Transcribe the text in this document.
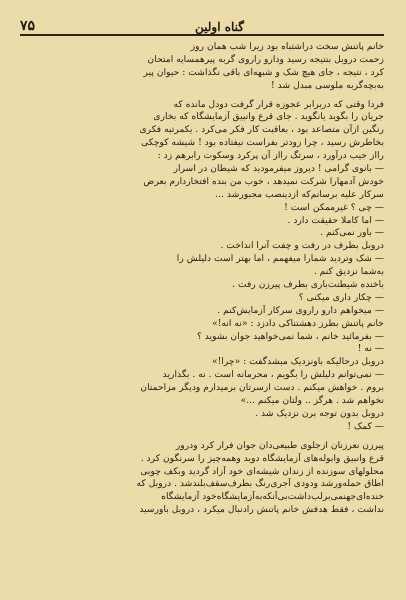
۷۵	گناه اولین
خانم پاتنش سخت دراشتباه بود زیرا شب همان روز
زحمت دروبل بنتیجه رسید ودارو راروی گربه پیرهمسایه امتحان
کرد ، نتیجه ، جای هیچ شک و شبهه‌ای باقی نگذاشت : حیوان پیر
به‌بچه‌گربه ملوسی مبدل شد !
فردا وقتی که دربرابر عجوزه قرار گرفت دودل مانده که
جریان را بگوید یانگوید . جای قرع وانبیق آزمایشگاه که بخاری
رنگین ازآن متصاعد بود ، بعاقبت کار فکر می‌کرد . یکمرتبه فکری
بخاطرش رسید ، چرا زودتر بفراست نیفتاده بود ! شیشه کوچکی
رااز جیب درآورد ، سرتگ رااز آن پرکرد وسکوت رابرهم زد :
— بانوی گرامی ! دیروز میفرمودید که شیطان در اسرار
خودش آدمهارا شرکت نمیدهد ، خوب من بنده افتخاردارم بعرض
سرکار علیه برسانم‌که ازدینصب مجبورشد ...
— چی ؟ غیرممکن است !
— اما کاملا حقیقت دارد .
— باور نمی‌کنم .
دروبل بطرف در رفت و چفت آنرا انداخت .
— شک وتردید شمارا میفهمم ، اما بهتر است دلیلش را
به‌شما نزدیق کنم .
باخنده شیطنت‌باری بطرف پیرزن رفت .
— چکار داری میکنی ؟
— میخواهم دارو راروی سرکار آزمایش‌کنم .
خانم پاتنش بطرز دهشتناکی دادزد : «نه انه!»
— بفرمائید خانم ، شما نمی‌خواهید جوان بشوید ؟
— نه !
دروبل درحالیکه باونزدیک میشدگفت : «چرا!»
— نمی‌توانم دلیلش را بگویم ، محرمانه است . نه . بگذارید
بروم . خواهش میکنم . دست ازسرتان برمیدارم ودیگر مزاحمتان
نخواهم شد . هرگز .. ولتان میکنم ...»
دروبل بدون توجه برن نزدیک شد .
— کمک !
پیرزن نعرزنان ازجلوی طبیعی‌دان جوان فرار کرد ودرور
قرع وانبیق وابوله‌های آزمایشگاه دوید وهمه‌چیز را سرنگون کرد .
محلولهای سوزنده از زندان شیشه‌ای خود آزاد گردید وبکف چوبی
اطاق حمله‌ورشد ودودی آجری‌رنگ بطرف‌سقف‌بلندشد . دروبل که
خنده‌ای‌جهنمی‌برلب‌داشت‌بی‌آنکه‌به‌آزمایشگاه‌خود آزمایشگاه
نداشت ، فقط هدفش خانم پاتنش رادنبال میکرد ، دروبل باورسید
